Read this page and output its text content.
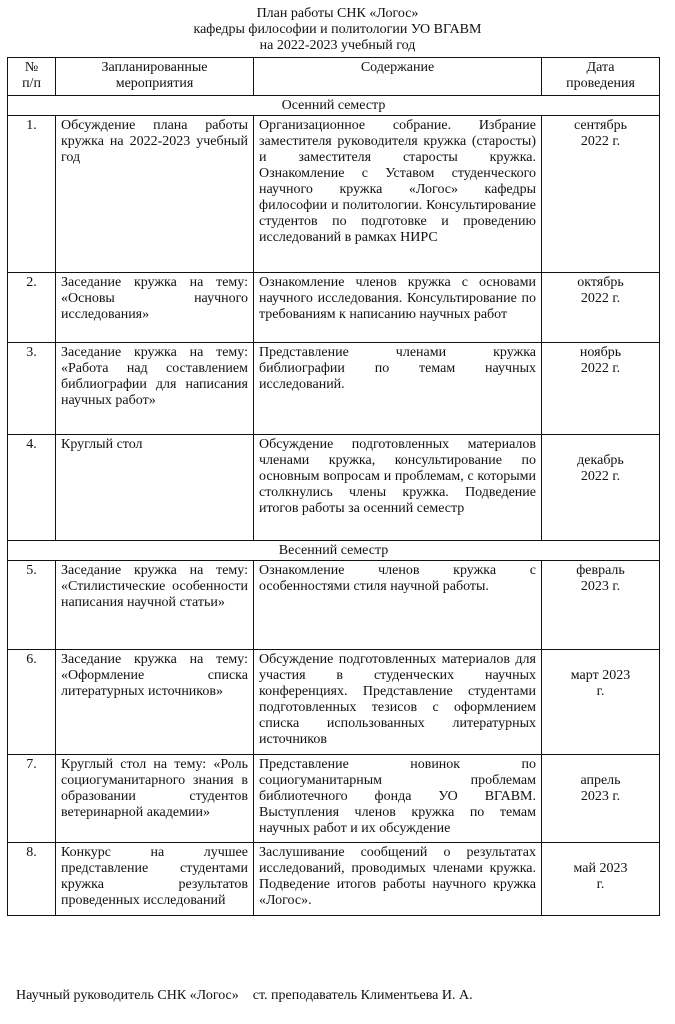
План работы СНК «Логос»
кафедры философии и политологии УО ВГАВМ
на 2022-2023 учебный год
№ п/п	Запланированные мероприятия	Содержание	Дата проведения
Осенний семестр			
1.	Обсуждение плана работы кружка на 2022-2023 учебный год	Организационное собрание. Избрание заместителя руководителя кружка (старосты) и заместителя старосты кружка. Ознакомление с Уставом студенческого научного кружка «Логос» кафедры философии и политологии. Консультирование студентов по подготовке и проведению исследований в рамках НИРС	сентябрь 2022 г.
2.	Заседание кружка на тему: «Основы научного исследования»	Ознакомление членов кружка с основами научного исследования. Консультирование по требованиям к написанию научных работ	октябрь 2022 г.
3.	Заседание кружка на тему: «Работа над составлением библиографии для написания научных работ»	Представление членами кружка библиографии по темам научных исследований.	ноябрь 2022 г.
4.	Круглый стол	Обсуждение подготовленных материалов членами кружка, консультирование по основным вопросам и проблемам, с которыми столкнулись члены кружка. Подведение итогов работы за осенний семестр	декабрь 2022 г.
Весенний семестр			
5.	Заседание кружка на тему: «Стилистические особенности написания научной статьи»	Ознакомление членов кружка с особенностями стиля научной работы.	февраль 2023 г.
6.	Заседание кружка на тему: «Оформление списка литературных источников»	Обсуждение подготовленных материалов для участия в студенческих научных конференциях. Представление студентами подготовленных тезисов с оформлением списка использованных литературных источников	март 2023 г.
7.	Круглый стол на тему: «Роль социогуманитарного знания в образовании студентов ветеринарной академии»	Представление новинок по социогуманитарным проблемам библиотечного фонда УО ВГАВМ. Выступления членов кружка по темам научных работ и их обсуждение	апрель 2023 г.
8.	Конкурс на лучшее представление студентами кружка результатов проведенных исследований	Заслушивание сообщений о результатах исследований, проводимых членами кружка. Подведение итогов работы научного кружка «Логос».	май 2023 г.
Научный руководитель СНК «Логос»    ст. преподаватель Климентьева И. А.
